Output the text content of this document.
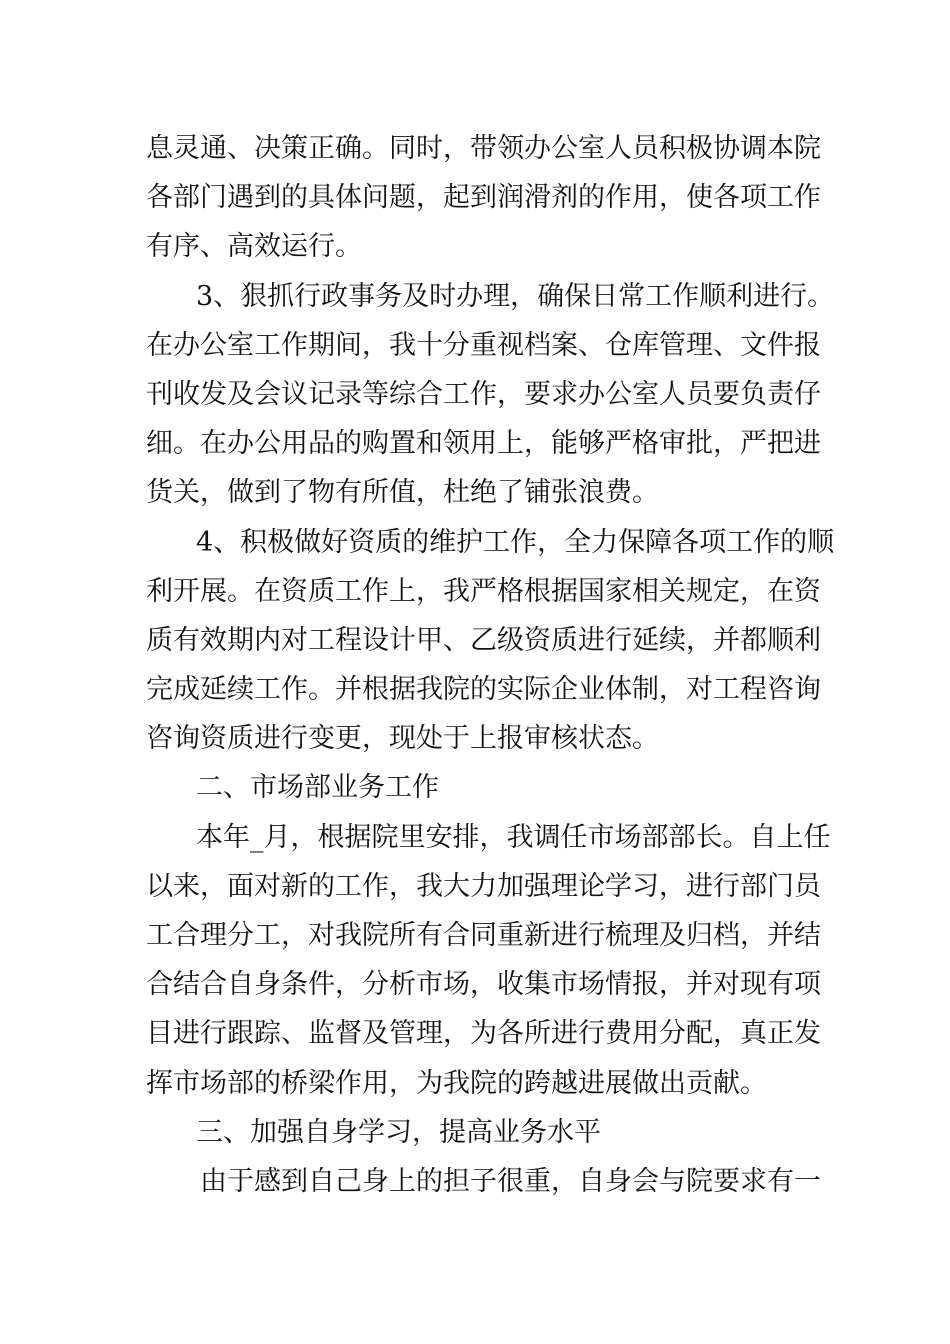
息灵通、决策正确。同时，带领办公室人员积极协调本院
各部门遇到的具体问题，起到润滑剂的作用，使各项工作
有序、高效运行。
3、狠抓行政事务及时办理，确保日常工作顺利进行。
在办公室工作期间，我十分重视档案、仓库管理、文件报
刊收发及会议记录等综合工作，要求办公室人员要负责仔
细。在办公用品的购置和领用上，能够严格审批，严把进
货关，做到了物有所值，杜绝了铺张浪费。
4、积极做好资质的维护工作，全力保障各项工作的顺
利开展。在资质工作上，我严格根据国家相关规定，在资
质有效期内对工程设计甲、乙级资质进行延续，并都顺利
完成延续工作。并根据我院的实际企业体制，对工程咨询
咨询资质进行变更，现处于上报审核状态。
二、市场部业务工作
本年_月，根据院里安排，我调任市场部部长。自上任
以来，面对新的工作，我大力加强理论学习，进行部门员
工合理分工，对我院所有合同重新进行梳理及归档，并结
合结合自身条件，分析市场，收集市场情报，并对现有项
目进行跟踪、监督及管理，为各所进行费用分配，真正发
挥市场部的桥梁作用，为我院的跨越进展做出贡献。
三、加强自身学习，提高业务水平
由于感到自己身上的担子很重，自身会与院要求有一
